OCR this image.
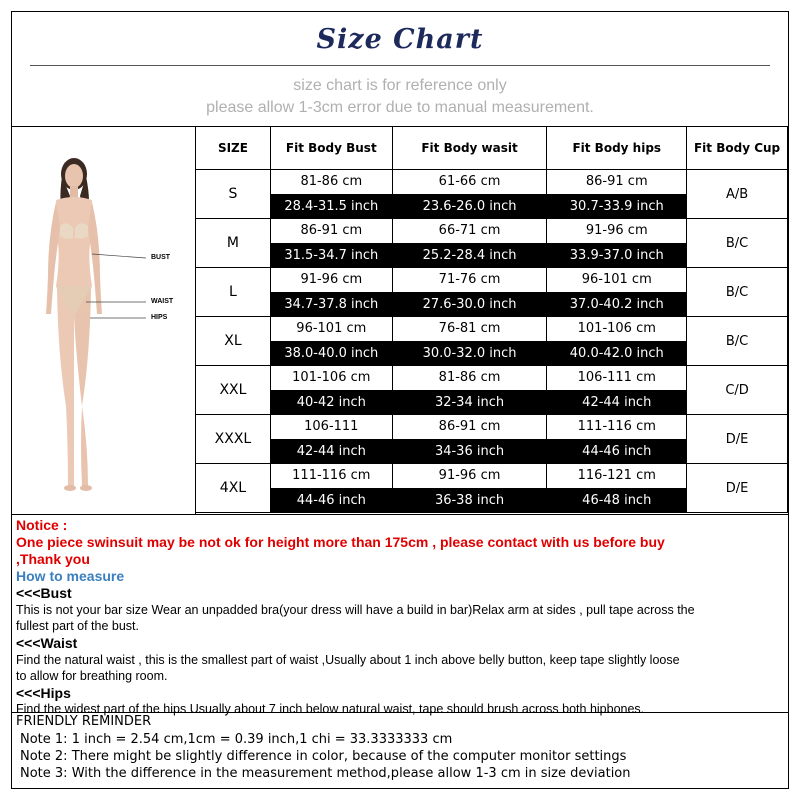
Size Chart
size chart is for reference only
please allow 1-3cm error due to manual measurement.
BUST
WAIST
HIPS
SIZE	Fit Body Bust	Fit Body wasit	Fit Body hips	Fit Body Cup
S	81-86 cm	61-66 cm	86-91 cm	A/B
	28.4-31.5 inch	23.6-26.0 inch	30.7-33.9 inch	
M	86-91 cm	66-71 cm	91-96 cm	B/C
	31.5-34.7 inch	25.2-28.4 inch	33.9-37.0 inch	
L	91-96 cm	71-76 cm	96-101 cm	B/C
	34.7-37.8 inch	27.6-30.0 inch	37.0-40.2 inch	
XL	96-101 cm	76-81 cm	101-106 cm	B/C
	38.0-40.0 inch	30.0-32.0 inch	40.0-42.0 inch	
XXL	101-106 cm	81-86 cm	106-111 cm	C/D
	40-42 inch	32-34 inch	42-44 inch	
XXXL	106-111	86-91 cm	111-116 cm	D/E
	42-44 inch	34-36 inch	44-46 inch	
4XL	111-116 cm	91-96 cm	116-121 cm	D/E
	44-46 inch	36-38 inch	46-48 inch	
Notice :
One piece swinsuit may be not ok for height more than 175cm , please contact with us before buy
,Thank you
How to measure
<<<Bust
This is not your bar size Wear an unpadded bra(your dress will have a build in bar)Relax arm at sides , pull tape across the
fullest part of the bust.
<<<Waist
Find the natural waist , this is the smallest part of waist ,Usually about 1 inch above belly button, keep tape slightly loose
to allow for breathing room.
<<<Hips
Find the widest part of the hips Usually about 7 inch below natural waist, tape should brush across both hipbones.
FRIENDLY REMINDER
Note 1: 1 inch = 2.54 cm,1cm = 0.39 inch,1 chi = 33.3333333 cm
Note 2: There might be slightly difference in color, because of the computer monitor settings
Note 3: With the difference in the measurement method,please allow 1-3 cm in size deviation
